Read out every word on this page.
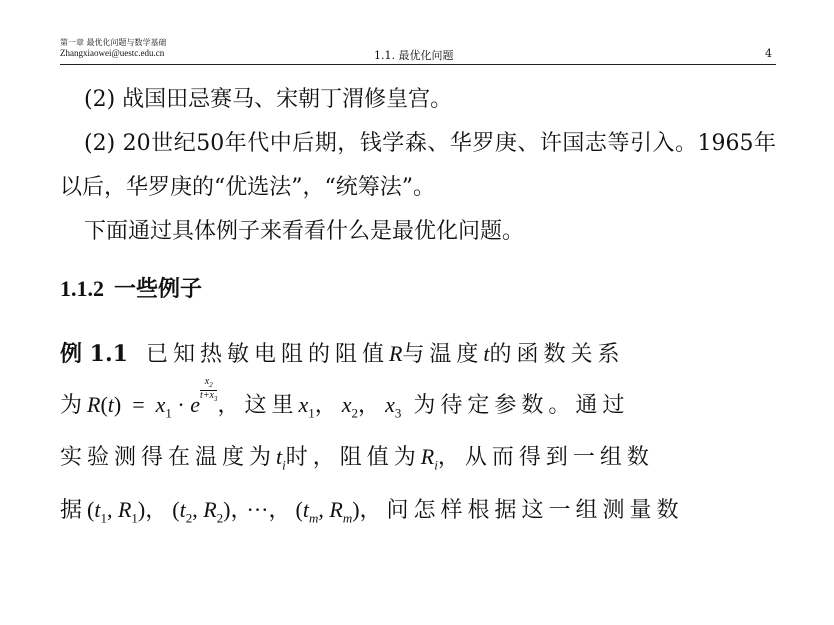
第一章 最优化问题与数学基础
Zhangxiaowei@uestc.edu.cn	1.1. 最优化问题	4

(2) 战国田忌赛马、宋朝丁渭修皇宫。

(2) 20世纪50年代中后期，钱学森、华罗庚、许国志等引入。1965年以后，华罗庚的“优选法”，“统筹法”。

下面通过具体例子来看看什么是最优化问题。

1.1.2 一些例子
例 1.1 已知热敏电阻的阻值R与温度t的函数关系
为$R(t) = x_1 \cdot e$
$\frac{x_2}{t+x_3}$
，这里$x_1$，$x_2$，$x_3$ 为待定参数。通过
实验测得在温度为$t_i$时，阻值为$R_i$，从而得到一组数
据($t_1$, $R_1$)，($t_2$, $R_2$)，···，($t_m$, $R_m$)，问怎样根据这一组测量数
